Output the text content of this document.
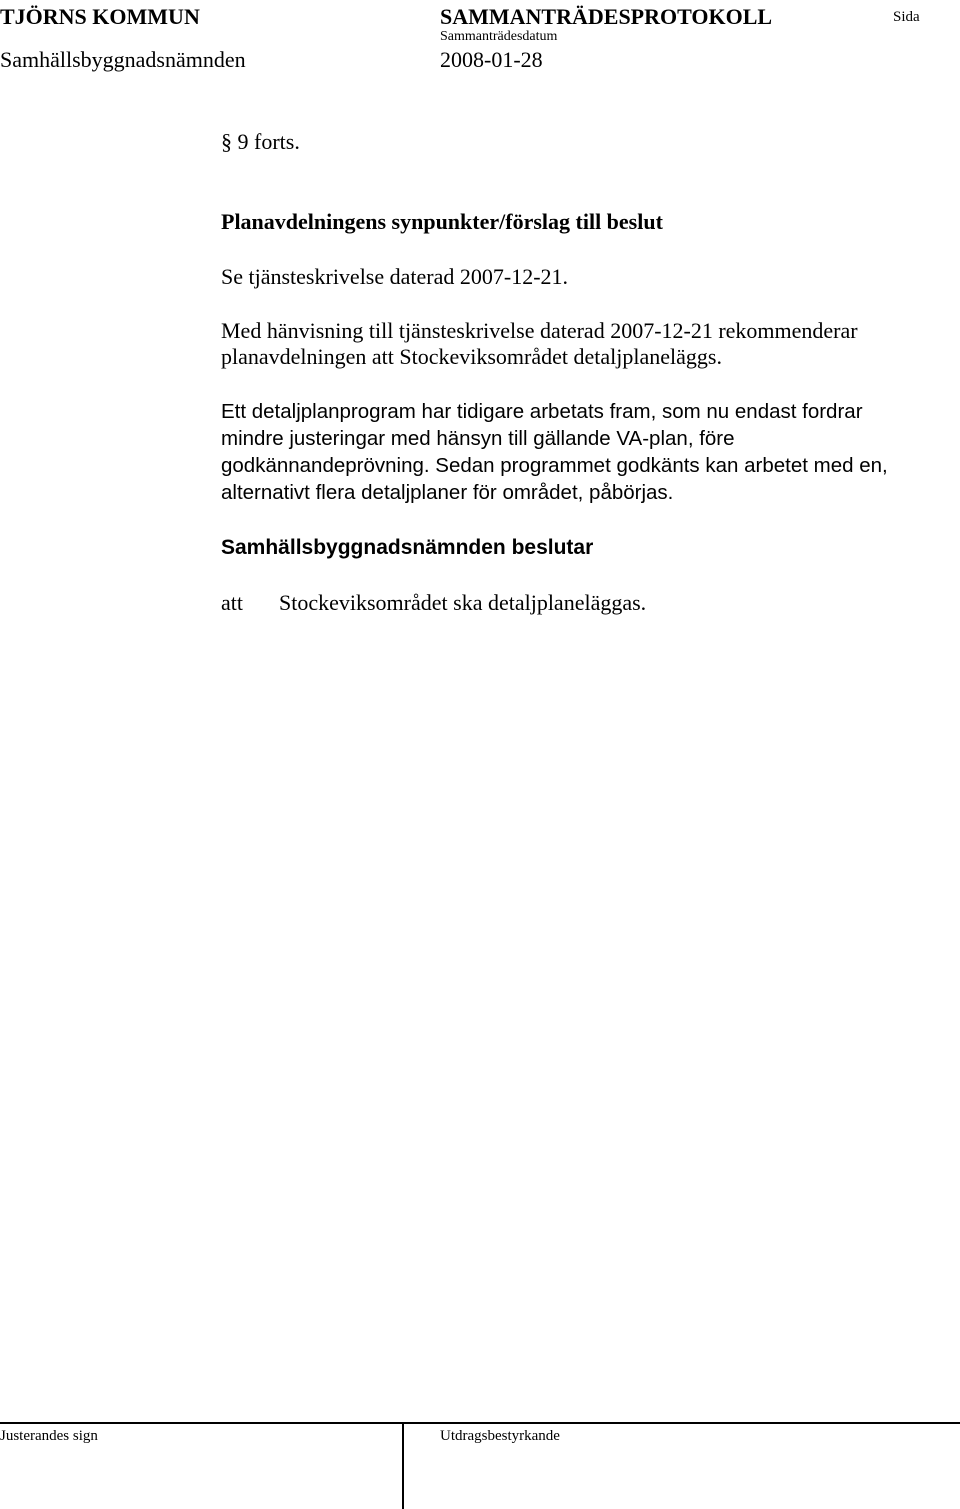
TJÖRNS KOMMUN	SAMMANTRÄDESPROTOKOLL	Sida
Sammanträdesdatum
Samhällsbyggnadsnämnden	2008-01-28
§ 9 forts.
Planavdelningens synpunkter/förslag till beslut
Se tjänsteskrivelse daterad 2007-12-21.
Med hänvisning till tjänsteskrivelse daterad 2007-12-21 rekommenderar planavdelningen att Stockeviksområdet detaljplaneläggs.
Ett detaljplanprogram har tidigare arbetats fram, som nu endast fordrar mindre justeringar med hänsyn till gällande VA-plan, före godkännandeprövning. Sedan programmet godkänts kan arbetet med en, alternativt flera detaljplaner för området, påbörjas.
Samhällsbyggnadsnämnden beslutar
att Stockeviksområdet ska detaljplaneläggas.
Justerandes sign	Utdragsbestyrkande
